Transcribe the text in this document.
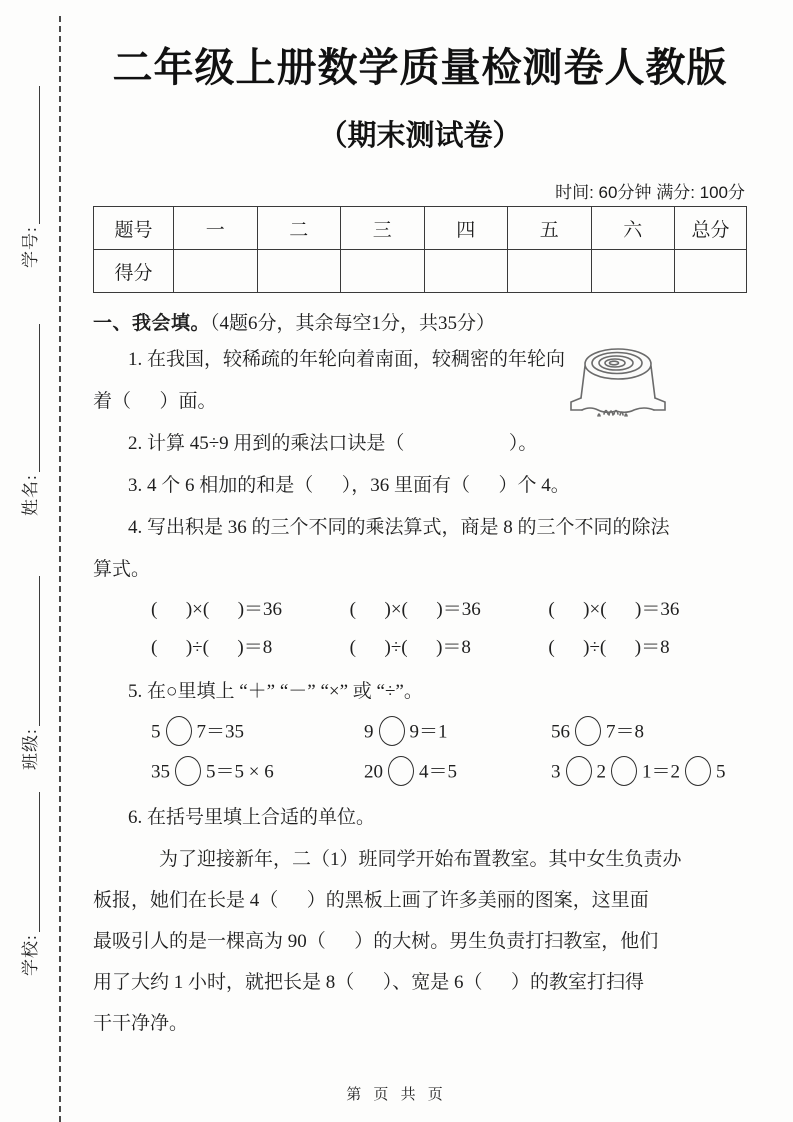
学号:
姓名:
班级:
学校:
二年级上册数学质量检测卷人教版
（期末测试卷）
时间: 60分钟 满分: 100分
题号	一	二	三	四	五	六	总分
得分							
一、我会填。（4题6分，其余每空1分，共35分）
1. 在我国，较稀疏的年轮向着南面，较稠密的年轮向
着（      ）面。
2. 计算 45÷9 用到的乘法口诀是（                      ）。
3. 4 个 6 相加的和是（      ），36 里面有（      ）个 4。
4. 写出积是 36 的三个不同的乘法算式，商是 8 的三个不同的除法
算式。
(      )×(      )＝36	(      )×(      )＝36	(      )×(      )＝36
(      )÷(      )＝8	(      )÷(      )＝8	(      )÷(      )＝8
5. 在○里填上 “＋” “－” “×” 或 “÷”。
5 7＝35	9 9＝1	56 7＝8
35 5＝5 × 6	20 4＝5	3 2 1＝2 5
6. 在括号里填上合适的单位。
为了迎接新年，二（1）班同学开始布置教室。其中女生负责办
板报，她们在长是 4（      ）的黑板上画了许多美丽的图案，这里面
最吸引人的是一棵高为 90（      ）的大树。男生负责打扫教室，他们
用了大约 1 小时，就把长是 8（      ）、宽是 6（      ）的教室打扫得
干干净净。
第 页 共 页
